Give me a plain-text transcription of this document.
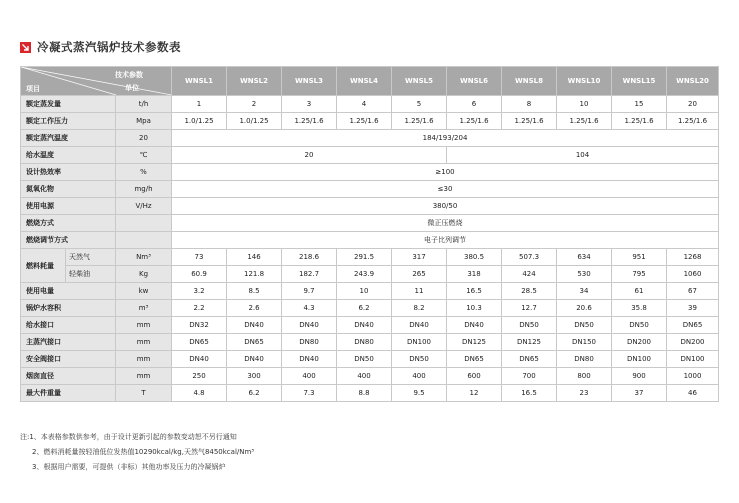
冷凝式蒸汽锅炉技术参数表
技术参数
单位
项目			WNSL1	WNSL2	WNSL3	WNSL4	WNSL5	WNSL6	WNSL8	WNSL10	WNSL15	WNSL20
额定蒸发量		t/h	1	2	3	4	5	6	8	10	15	20
额定工作压力		Mpa	1.0/1.25	1.0/1.25	1.25/1.6	1.25/1.6	1.25/1.6	1.25/1.6	1.25/1.6	1.25/1.6	1.25/1.6	1.25/1.6
额定蒸汽温度		20	184/193/204									
给水温度		℃	20					104				
设计热效率		%	≥100									
氮氧化物		mg/h	≤30									
使用电源		V/Hz	380/50									
燃烧方式			微正压燃烧									
燃烧调节方式			电子比列调节									
燃料耗量	天然气	Nm³	73	146	218.6	291.5	317	380.5	507.3	634	951	1268
	轻柴油	Kg	60.9	121.8	182.7	243.9	265	318	424	530	795	1060
使用电量		kw	3.2	8.5	9.7	10	11	16.5	28.5	34	61	67
锅炉水容积		m³	2.2	2.6	4.3	6.2	8.2	10.3	12.7	20.6	35.8	39
给水接口		mm	DN32	DN40	DN40	DN40	DN40	DN40	DN50	DN50	DN50	DN65
主蒸汽接口		mm	DN65	DN65	DN80	DN80	DN100	DN125	DN125	DN150	DN200	DN200
安全阀接口		mm	DN40	DN40	DN40	DN50	DN50	DN65	DN65	DN80	DN100	DN100
烟囱直径		mm	250	300	400	400	400	600	700	800	900	1000
最大件重量		T	4.8	6.2	7.3	8.8	9.5	12	16.5	23	37	46
注:1、本表格参数供参考，由于设计更新引起的参数变动恕不另行通知
2、燃料消耗量按轻油低位发热值10290kcal/kg,天然气8450kcal/Nm³
3、根据用户需要，可提供（非标）其他功率及压力的冷凝锅炉
